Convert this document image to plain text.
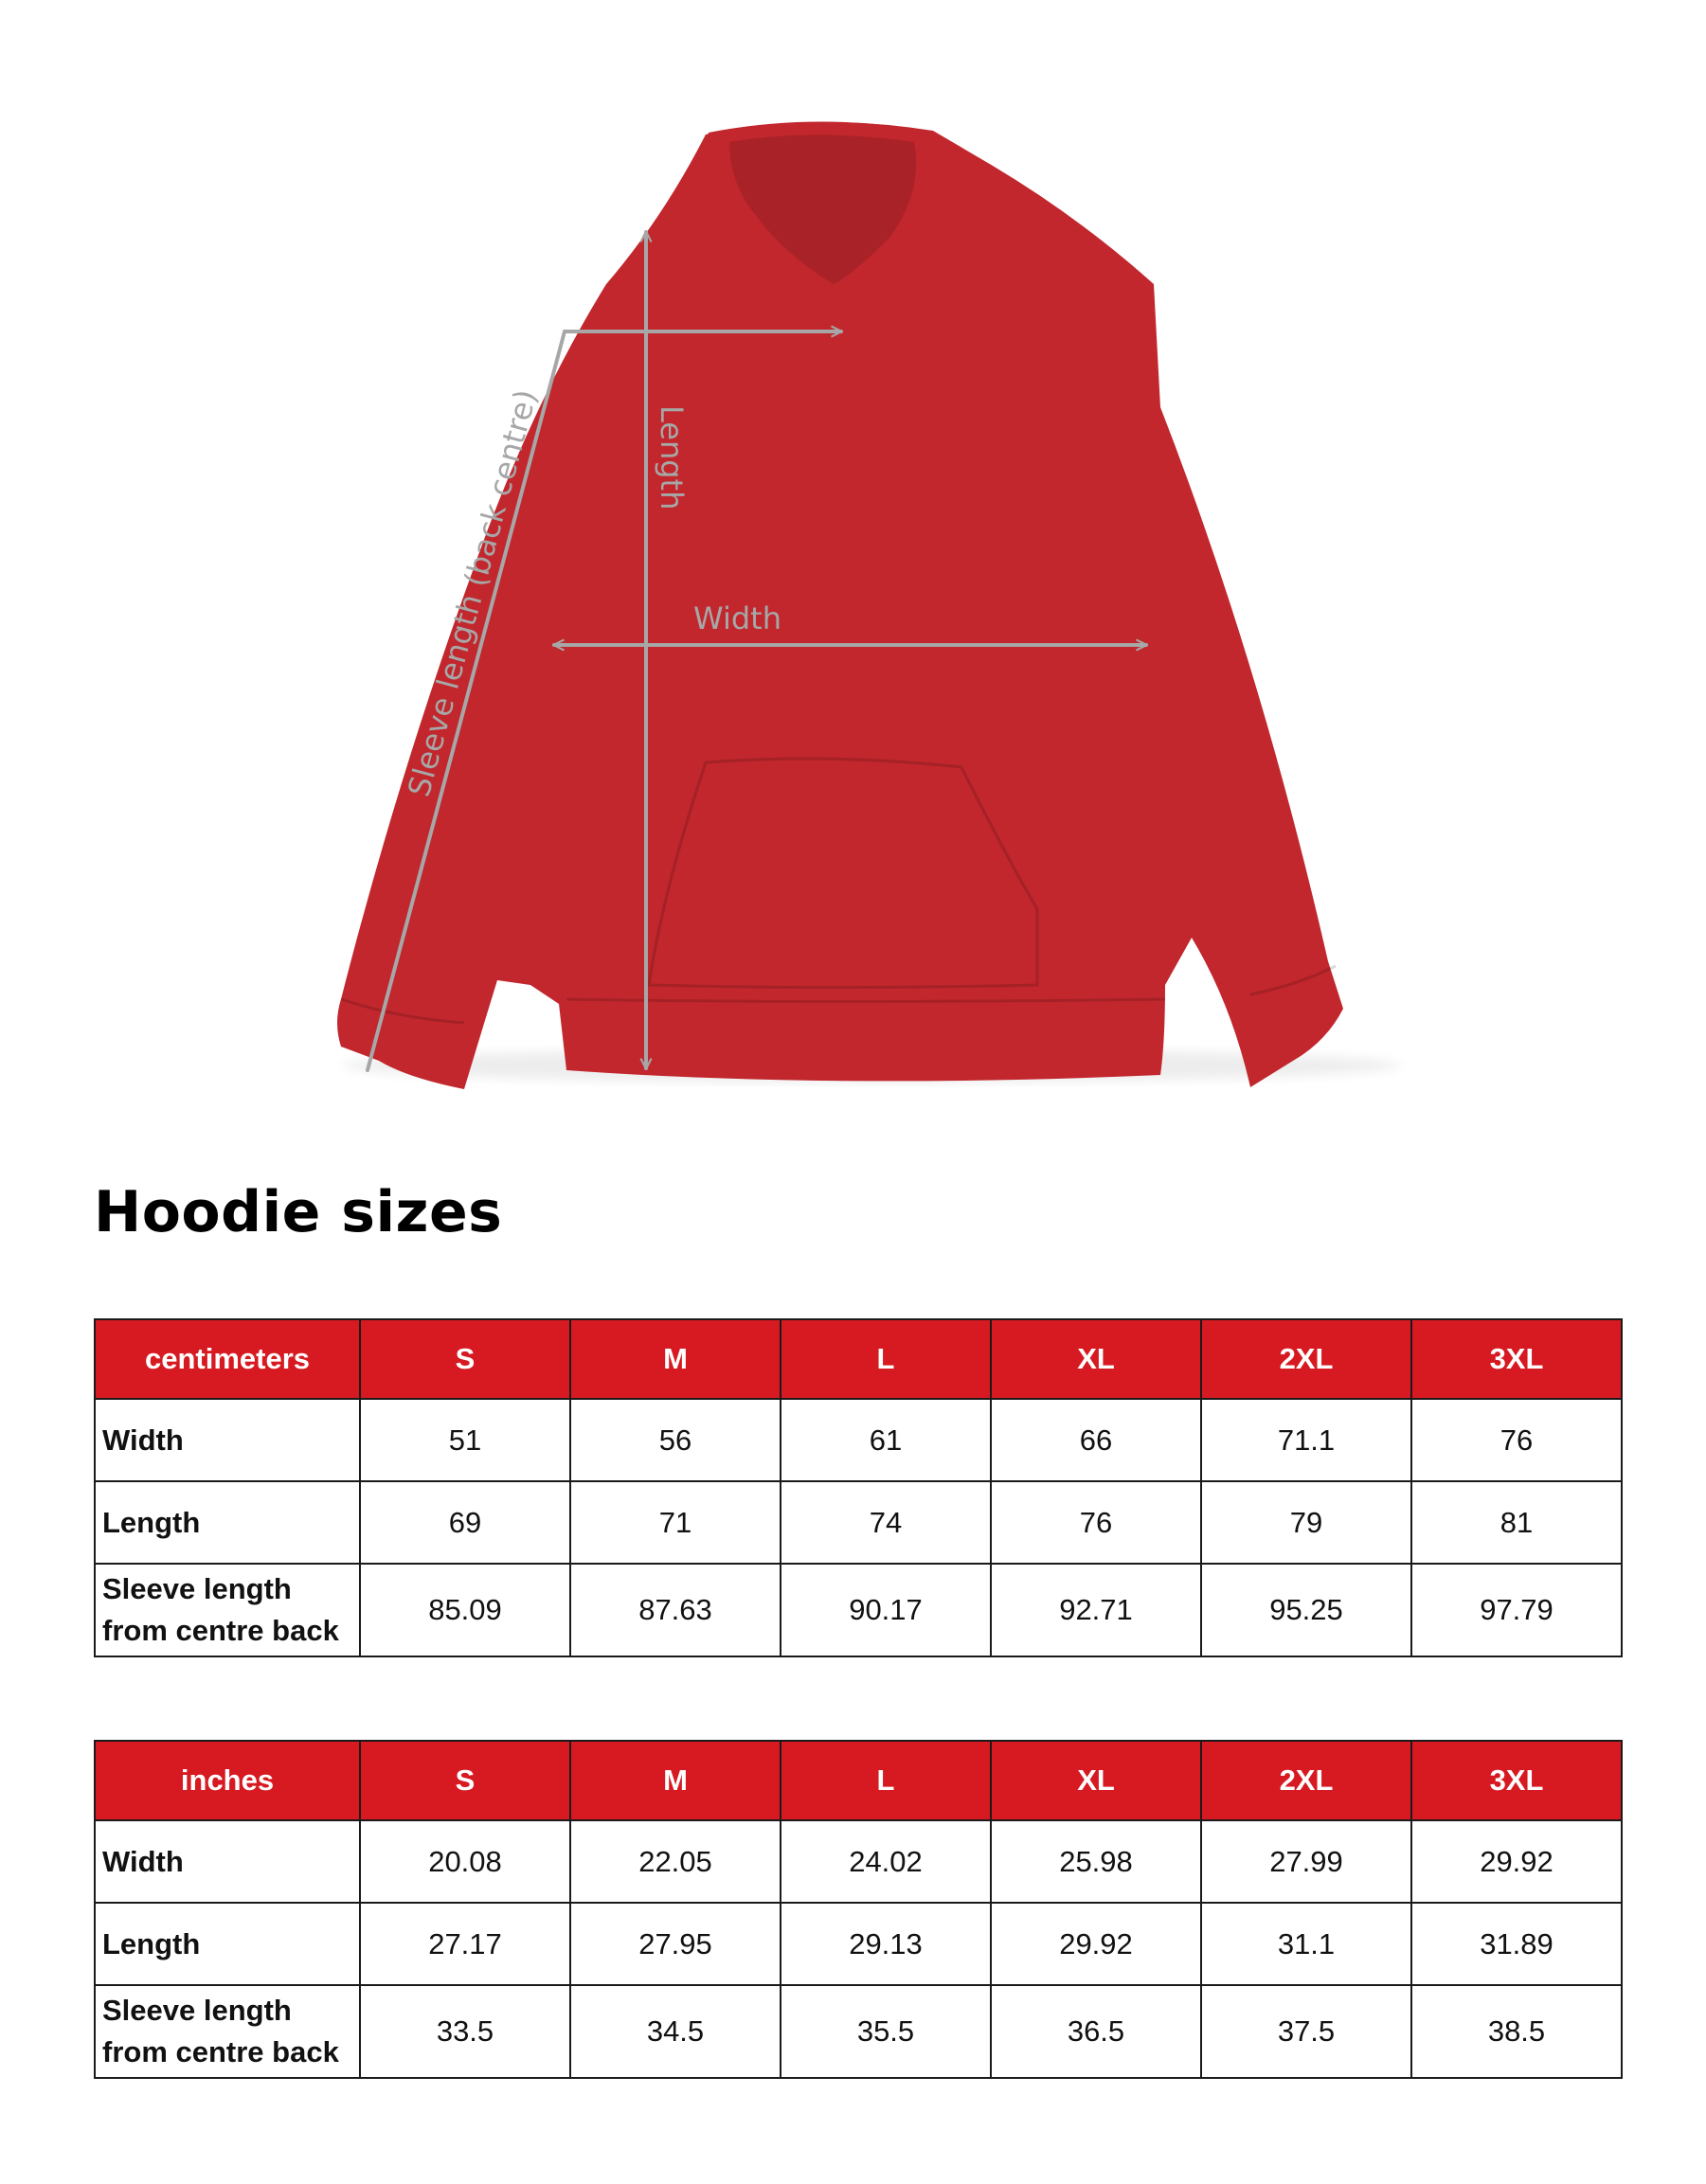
Length
Width
Sleeve length (back centre)
Hoodie sizes
centimeters	S	M	L	XL	2XL	3XL
Width	51	56	61	66	71.1	76
Length	69	71	74	76	79	81

Sleeve length
from centre back	85.09	87.63	90.17	92.71	95.25	97.79
inches	S	M	L	XL	2XL	3XL
Width	20.08	22.05	24.02	25.98	27.99	29.92
Length	27.17	27.95	29.13	29.92	31.1	31.89

Sleeve length
from centre back	33.5	34.5	35.5	36.5	37.5	38.5
